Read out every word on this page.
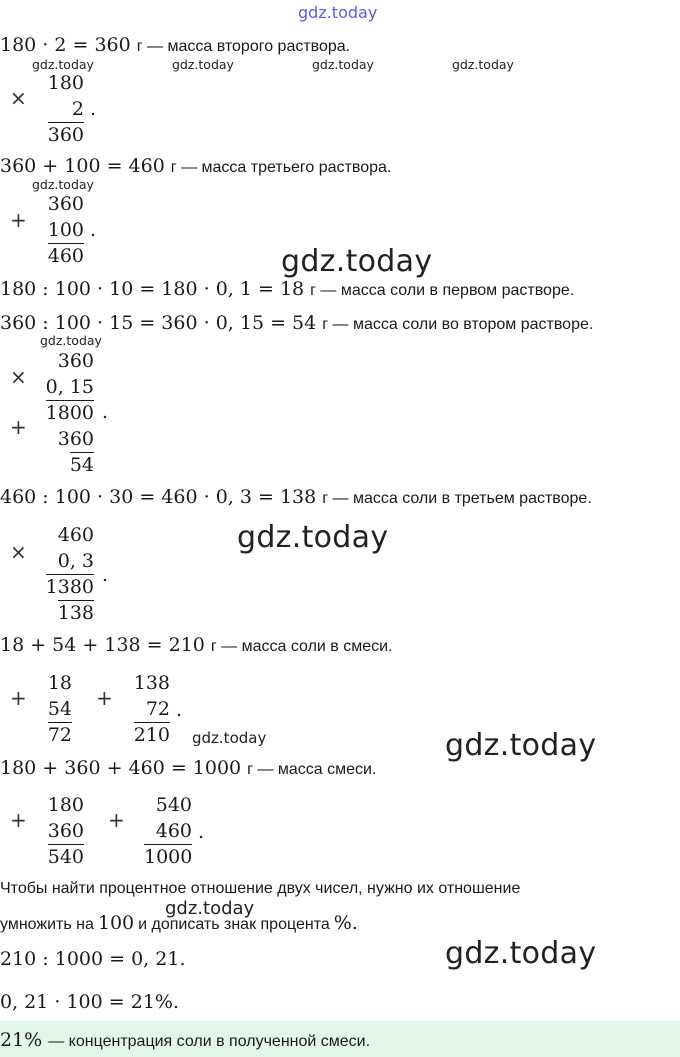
gdz.today
180 · 2 = 360 г — масса второго раствора.
gdz.today	gdz.today	gdz.today	gdz.today
×
180
2
360
.
360 + 100 = 460 г — масса третьего раствора.
gdz.today
+
360
100
460
.
gdz.today
180 : 100 · 10 = 180 · 0, 1 = 18 г — масса соли в первом растворе.
360 : 100 · 15 = 360 · 0, 15 = 54 г — масса соли во втором растворе.
gdz.today
×
+
360
0, 15
1800
360
54
.
460 : 100 · 30 = 460 · 0, 3 = 138 г — масса соли в третьем растворе.
×
460
0, 3
1380
138
.
gdz.today
18 + 54 + 138 = 210 г — масса соли в смеси.
+
18
54
72
+
138
72
210
.
gdz.today	gdz.today
180 + 360 + 460 = 1000 г — масса смеси.
+
180
360
540
+
540
460
1000
.
Чтобы найти процентное отношение двух чисел, нужно их отношение
умножить на 100 и дописать знак процента %.
gdz.today
210 : 1000 = 0, 21.	gdz.today
0, 21 · 100 = 21%.
21% — концентрация соли в полученной смеси.
